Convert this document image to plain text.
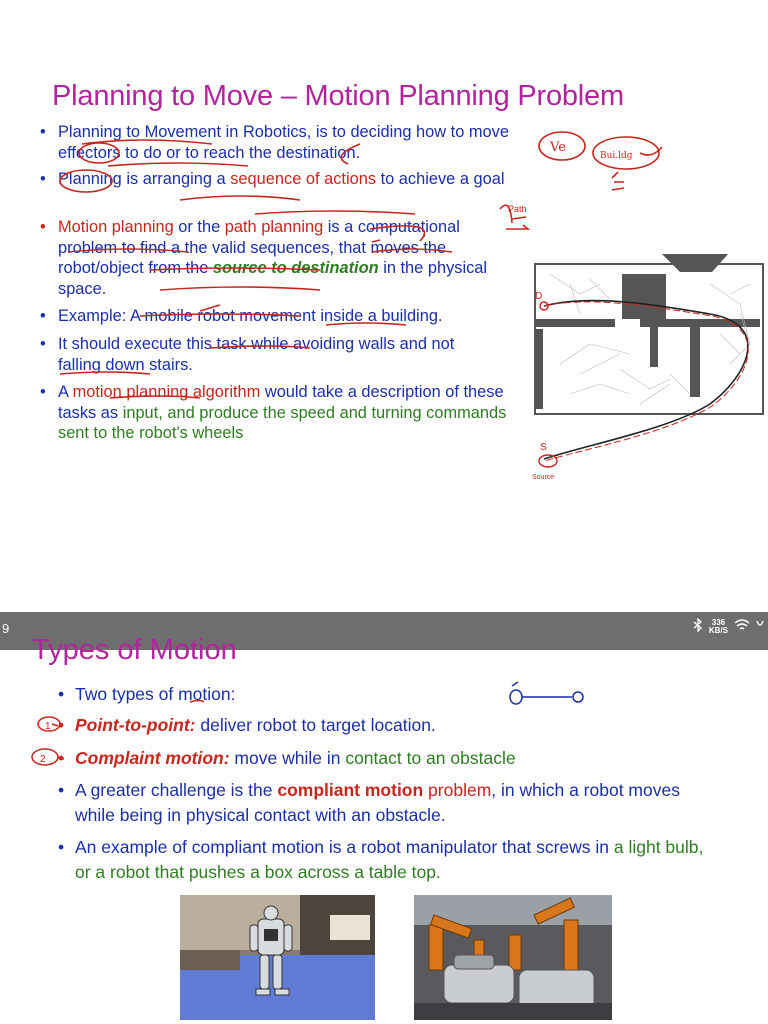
Planning to Move – Motion Planning Problem
• Planning to Movement in Robotics, is to deciding how to move effectors to do or to reach the destination.
• Planning is arranging a sequence of actions to achieve a goal
• Motion planning or the path planning is a computational problem to find a the valid sequences, that moves the robot/object from the source to destination in the physical space.
• Example: A mobile robot movement inside a building.
• It should execute this task while avoiding walls and not falling down stairs.
• A motion planning algorithm would take a description of these tasks as input, and produce the speed and turning commands sent to the robot's wheels
Ve
Bui.ldg
Path
D
S
Source
9	336
KB/S
Types of Motion
• Two types of motion:
• Point-to-point: deliver robot to target location.
• Complaint motion: move while in contact to an obstacle
• A greater challenge is the compliant motion problem, in which a robot moves while being in physical contact with an obstacle.
• An example of compliant motion is a robot manipulator that screws in a light bulb, or a robot that pushes a box across a table top.
1
2
